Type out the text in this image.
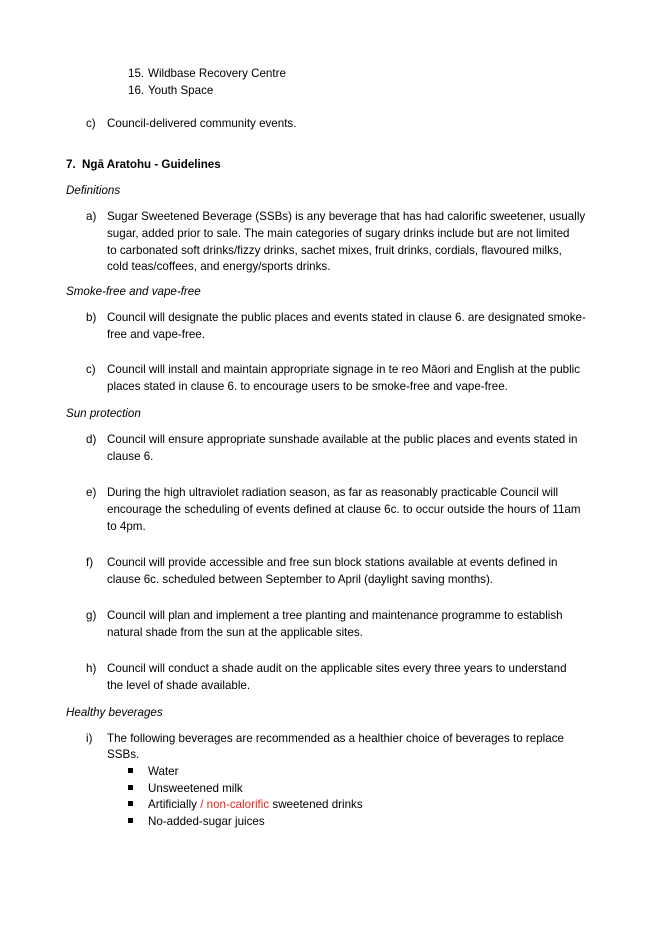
15. Wildbase Recovery Centre
16. Youth Space
c) Council-delivered community events.
7. Ngā Aratohu - Guidelines
Definitions
a) Sugar Sweetened Beverage (SSBs) is any beverage that has had calorific sweetener, usually
sugar, added prior to sale. The main categories of sugary drinks include but are not limited
to carbonated soft drinks/fizzy drinks, sachet mixes, fruit drinks, cordials, flavoured milks,
cold teas/coffees, and energy/sports drinks.
Smoke-free and vape-free
b) Council will designate the public places and events stated in clause 6. are designated smoke-
free and vape-free.
c) Council will install and maintain appropriate signage in te reo Māori and English at the public
places stated in clause 6. to encourage users to be smoke-free and vape-free.
Sun protection
d) Council will ensure appropriate sunshade available at the public places and events stated in
clause 6.
e) During the high ultraviolet radiation season, as far as reasonably practicable Council will
encourage the scheduling of events defined at clause 6c. to occur outside the hours of 11am
to 4pm.
f) Council will provide accessible and free sun block stations available at events defined in
clause 6c. scheduled between September to April (daylight saving months).
g) Council will plan and implement a tree planting and maintenance programme to establish
natural shade from the sun at the applicable sites.
h) Council will conduct a shade audit on the applicable sites every three years to understand
the level of shade available.
Healthy beverages
i) The following beverages are recommended as a healthier choice of beverages to replace
SSBs.
Water
Unsweetened milk
Artificially / non-calorific sweetened drinks
No-added-sugar juices
